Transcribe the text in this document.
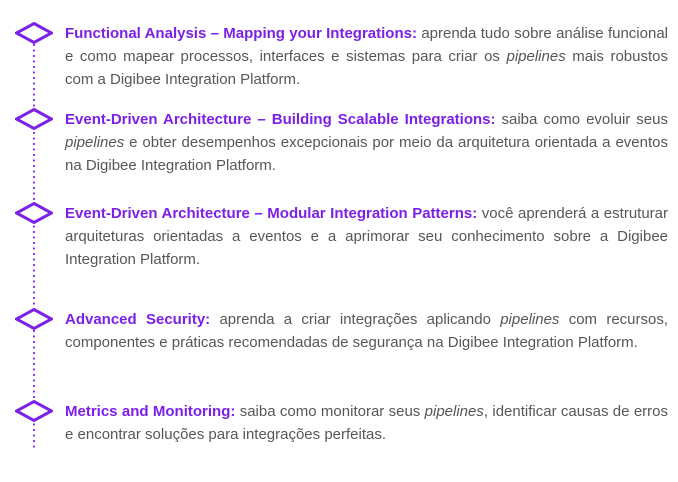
Functional Analysis – Mapping your Integrations: aprenda tudo sobre análise funcional e como mapear processos, interfaces e sistemas para criar os pipelines mais robustos com a Digibee Integration Platform.

Event-Driven Architecture – Building Scalable Integrations: saiba como evoluir seus pipelines e obter desempenhos excepcionais por meio da arquitetura orientada a eventos na Digibee Integration Platform.

Event-Driven Architecture – Modular Integration Patterns: você aprenderá a estruturar arquiteturas orientadas a eventos e a aprimorar seu conhecimento sobre a Digibee Integration Platform.

Advanced Security: aprenda a criar integrações aplicando pipelines com recursos, componentes e práticas recomendadas de segurança na Digibee Integration Platform.

Metrics and Monitoring: saiba como monitorar seus pipelines, identificar causas de erros e encontrar soluções para integrações perfeitas.
